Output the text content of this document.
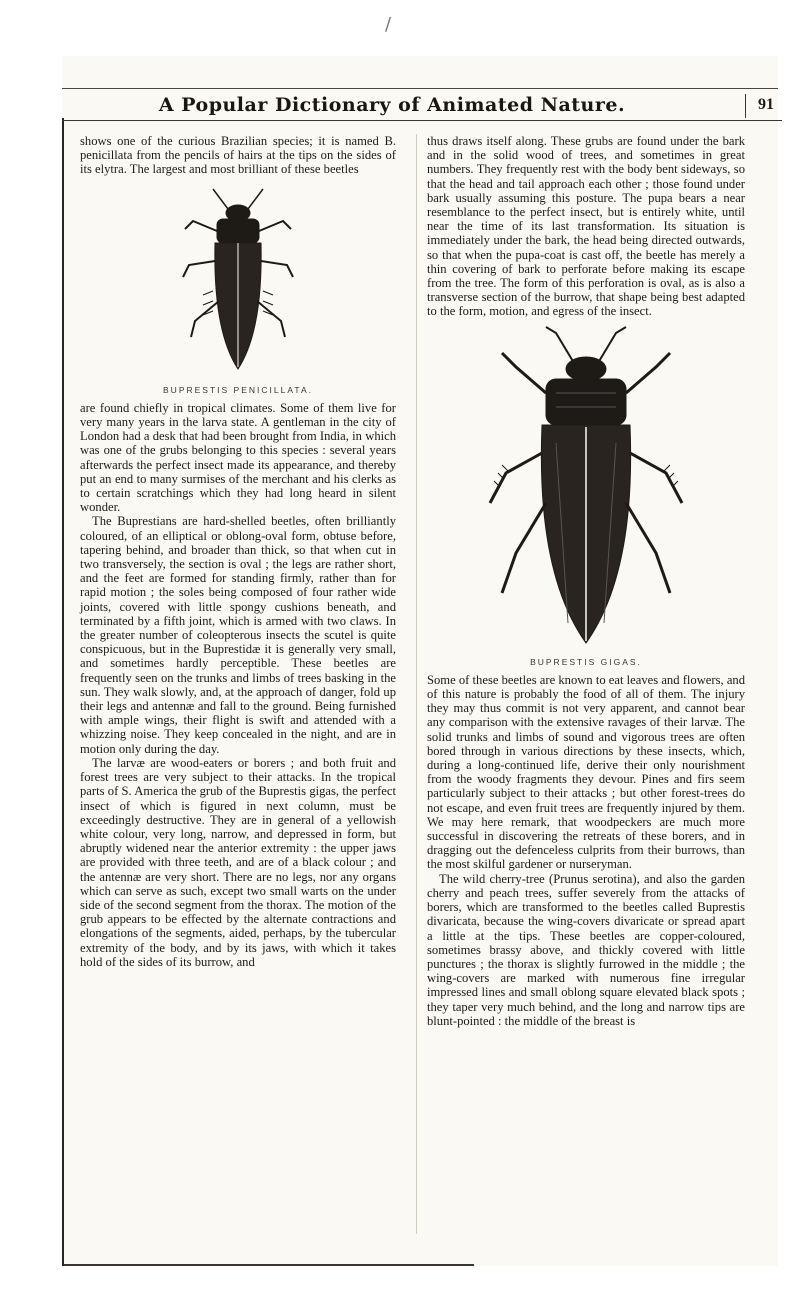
/
A Popular Dictionary of Animated Nature.	91

shows one of the curious Brazilian species; it is named B. penicillata from the pencils of hairs at the tips on the sides of its elytra. The largest and most brilliant of these beetles

BUPRESTIS PENICILLATA.

are found chiefly in tropical climates. Some of them live for very many years in the larva state. A gentleman in the city of London had a desk that had been brought from India, in which was one of the grubs belonging to this species : several years afterwards the perfect insect made its appearance, and thereby put an end to many surmises of the merchant and his clerks as to certain scratchings which they had long heard in silent wonder.

The Buprestians are hard-shelled beetles, often brilliantly coloured, of an elliptical or oblong-oval form, obtuse before, tapering behind, and broader than thick, so that when cut in two transversely, the section is oval ; the legs are rather short, and the feet are formed for standing firmly, rather than for rapid motion ; the soles being composed of four rather wide joints, covered with little spongy cushions beneath, and terminated by a fifth joint, which is armed with two claws. In the greater number of coleopterous insects the scutel is quite conspicuous, but in the Buprestidæ it is generally very small, and sometimes hardly perceptible. These beetles are frequently seen on the trunks and limbs of trees basking in the sun. They walk slowly, and, at the approach of danger, fold up their legs and antennæ and fall to the ground. Being furnished with ample wings, their flight is swift and attended with a whizzing noise. They keep concealed in the night, and are in motion only during the day.

The larvæ are wood-eaters or borers ; and both fruit and forest trees are very subject to their attacks. In the tropical parts of S. America the grub of the Buprestis gigas, the perfect insect of which is figured in next column, must be exceedingly destructive. They are in general of a yellowish white colour, very long, narrow, and depressed in form, but abruptly widened near the anterior extremity : the upper jaws are provided with three teeth, and are of a black colour ; and the antennæ are very short. There are no legs, nor any organs which can serve as such, except two small warts on the under side of the second segment from the thorax. The motion of the grub appears to be effected by the alternate contractions and elongations of the segments, aided, perhaps, by the tubercular extremity of the body, and by its jaws, with which it takes hold of the sides of its burrow, and

thus draws itself along. These grubs are found under the bark and in the solid wood of trees, and sometimes in great numbers. They frequently rest with the body bent sideways, so that the head and tail approach each other ; those found under bark usually assuming this posture. The pupa bears a near resemblance to the perfect insect, but is entirely white, until near the time of its last transformation. Its situation is immediately under the bark, the head being directed outwards, so that when the pupa-coat is cast off, the beetle has merely a thin covering of bark to perforate before making its escape from the tree. The form of this perforation is oval, as is also a transverse section of the burrow, that shape being best adapted to the form, motion, and egress of the insect.

BUPRESTIS GIGAS.

Some of these beetles are known to eat leaves and flowers, and of this nature is probably the food of all of them. The injury they may thus commit is not very apparent, and cannot bear any comparison with the extensive ravages of their larvæ. The solid trunks and limbs of sound and vigorous trees are often bored through in various directions by these insects, which, during a long-continued life, derive their only nourishment from the woody fragments they devour. Pines and firs seem particularly subject to their attacks ; but other forest-trees do not escape, and even fruit trees are frequently injured by them. We may here remark, that woodpeckers are much more successful in discovering the retreats of these borers, and in dragging out the defenceless culprits from their burrows, than the most skilful gardener or nurseryman.

The wild cherry-tree (Prunus serotina), and also the garden cherry and peach trees, suffer severely from the attacks of borers, which are transformed to the beetles called Buprestis divaricata, because the wing-covers divaricate or spread apart a little at the tips. These beetles are copper-coloured, sometimes brassy above, and thickly covered with little punctures ; the thorax is slightly furrowed in the middle ; the wing-covers are marked with numerous fine irregular impressed lines and small oblong square elevated black spots ; they taper very much behind, and the long and narrow tips are blunt-pointed : the middle of the breast is
